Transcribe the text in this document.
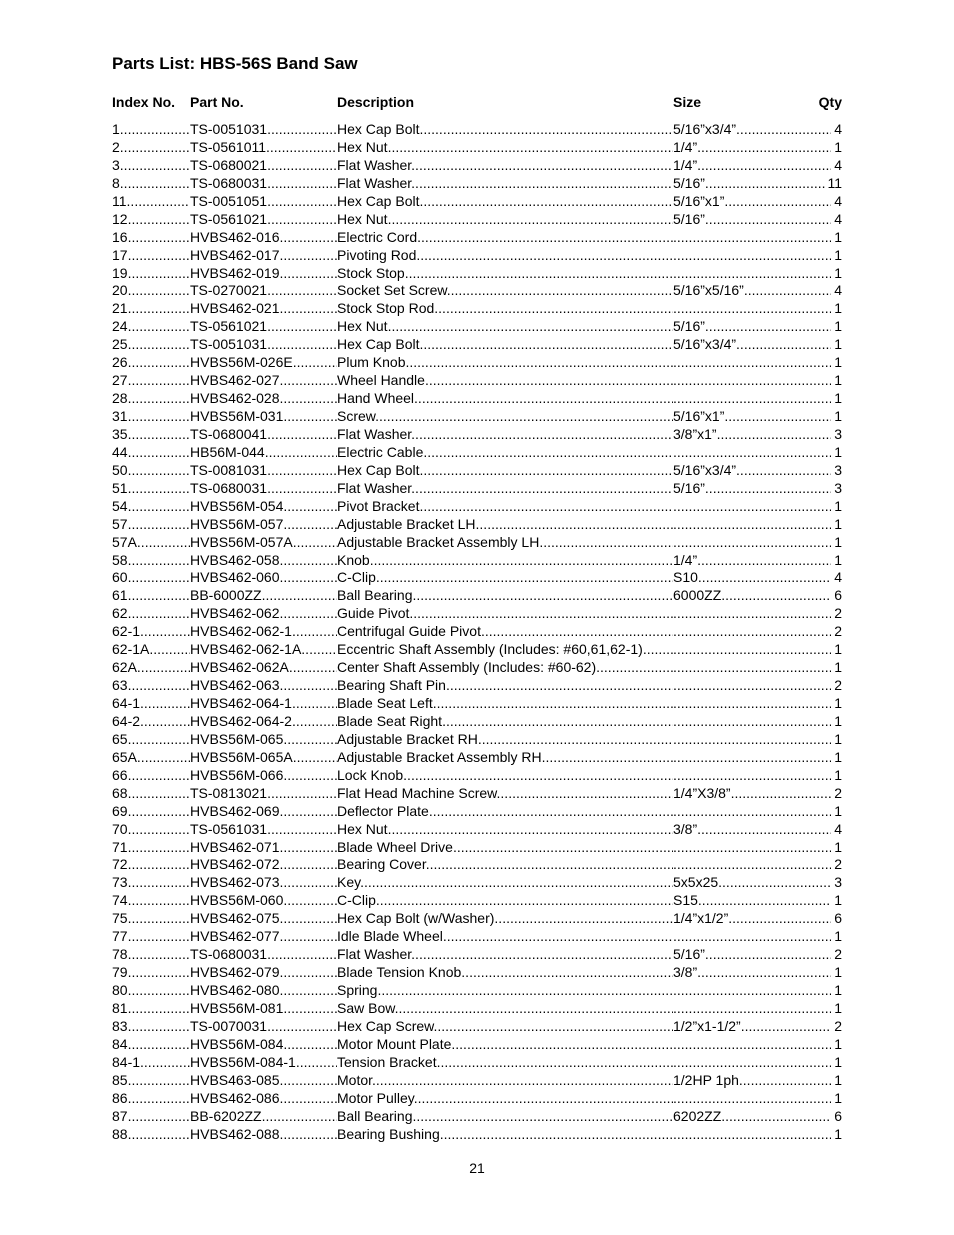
Parts List: HBS-56S Band Saw
Index No. Part No.	Description	Size	Qty
1 .....	TS-0051031 .....	Hex Cap Bolt .....	5/16”x3/4” .....	4
2 .....	TS-0561011 .....	Hex Nut .....	1/4” .....	1
3 .....	TS-0680021 .....	Flat Washer .....	1/4” .....	4
8 .....	TS-0680031 .....	Flat Washer .....	5/16” .....	11
11 .....	TS-0051051 .....	Hex Cap Bolt .....	5/16”x1” .....	4
12 .....	TS-0561021 .....	Hex Nut .....	5/16” .....	4
16 .....	HVBS462-016 .....	Electric Cord ..... .....	1
17 .....	HVBS462-017 .....	Pivoting Rod ..... .....	1
19 .....	HVBS462-019 .....	Stock Stop ..... .....	1
20 .....	TS-0270021 .....	Socket Set Screw .....	5/16”x5/16” .....	4
21 .....	HVBS462-021 .....	Stock Stop Rod ..... .....	1
24 .....	TS-0561021 .....	Hex Nut .....	5/16” .....	1
25 .....	TS-0051031 .....	Hex Cap Bolt .....	5/16”x3/4” .....	1
26 .....	HVBS56M-026E .....	Plum Knob ..... .....	1
27 .....	HVBS462-027 .....	Wheel Handle ..... .....	1
28 .....	HVBS462-028 .....	Hand Wheel ..... .....	1
31 .....	HVBS56M-031 .....	Screw .....	5/16”x1” .....	1
35 .....	TS-0680041 .....	Flat Washer .....	3/8”x1” .....	3
44 .....	HB56M-044 .....	Electric Cable ..... .....	1
50 .....	TS-0081031 .....	Hex Cap Bolt .....	5/16”x3/4” .....	3
51 .....	TS-0680031 .....	Flat Washer .....	5/16” .....	3
54 .....	HVBS56M-054 .....	Pivot Bracket ..... .....	1
57 .....	HVBS56M-057 .....	Adjustable Bracket LH ..... .....	1
57A .....	HVBS56M-057A .....	Adjustable Bracket Assembly LH ..... .....	1
58 .....	HVBS462-058 .....	Knob .....	1/4” .....	1
60 .....	HVBS462-060 .....	C-Clip .....	S10 .....	4
61 .....	BB-6000ZZ .....	Ball Bearing .....	6000ZZ .....	6
62 .....	HVBS462-062 .....	Guide Pivot ..... .....	2
62-1 .....	HVBS462-062-1 .....	Centrifugal Guide Pivot ..... .....	2
62-1A .....	HVBS462-062-1A .....	Eccentric Shaft Assembly (Includes: #60,61,62-1) ..... .....	1
62A .....	HVBS462-062A .....	Center Shaft Assembly (Includes: #60-62) ..... .....	1
63 .....	HVBS462-063 .....	Bearing Shaft Pin ..... .....	2
64-1 .....	HVBS462-064-1 .....	Blade Seat Left ..... .....	1
64-2 .....	HVBS462-064-2 .....	Blade Seat Right ..... .....	1
65 .....	HVBS56M-065 .....	Adjustable Bracket RH ..... .....	1
65A .....	HVBS56M-065A .....	Adjustable Bracket Assembly RH ..... .....	1
66 .....	HVBS56M-066 .....	Lock Knob ..... .....	1
68 .....	TS-0813021 .....	Flat Head Machine Screw .....	1/4”X3/8” .....	2
69 .....	HVBS462-069 .....	Deflector Plate ..... .....	1
70 .....	TS-0561031 .....	Hex Nut .....	3/8” .....	4
71 .....	HVBS462-071 .....	Blade Wheel Drive ..... .....	1
72 .....	HVBS462-072 .....	Bearing Cover ..... .....	2
73 .....	HVBS462-073 .....	Key .....	5x5x25 .....	3
74 .....	HVBS56M-060 .....	C-Clip .....	S15 .....	1
75 .....	HVBS462-075 .....	Hex Cap Bolt (w/Washer) .....	1/4”x1/2” .....	6
77 .....	HVBS462-077 .....	Idle Blade Wheel ..... .....	1
78 .....	TS-0680031 .....	Flat Washer .....	5/16” .....	2
79 .....	HVBS462-079 .....	Blade Tension Knob .....	3/8” .....	1
80 .....	HVBS462-080 .....	Spring ..... .....	1
81 .....	HVBS56M-081 .....	Saw Bow ..... .....	1
83 .....	TS-0070031 .....	Hex Cap Screw .....	1/2”x1-1/2” .....	2
84 .....	HVBS56M-084 .....	Motor Mount Plate ..... .....	1
84-1 .....	HVBS56M-084-1 .....	Tension Bracket ..... .....	1
85 .....	HVBS463-085 .....	Motor .....	1/2HP 1ph .....	1
86 .....	HVBS462-086 .....	Motor Pulley ..... .....	1
87 .....	BB-6202ZZ .....	Ball Bearing .....	6202ZZ .....	6
88 .....	HVBS462-088 .....	Bearing Bushing ..... .....	1
21
